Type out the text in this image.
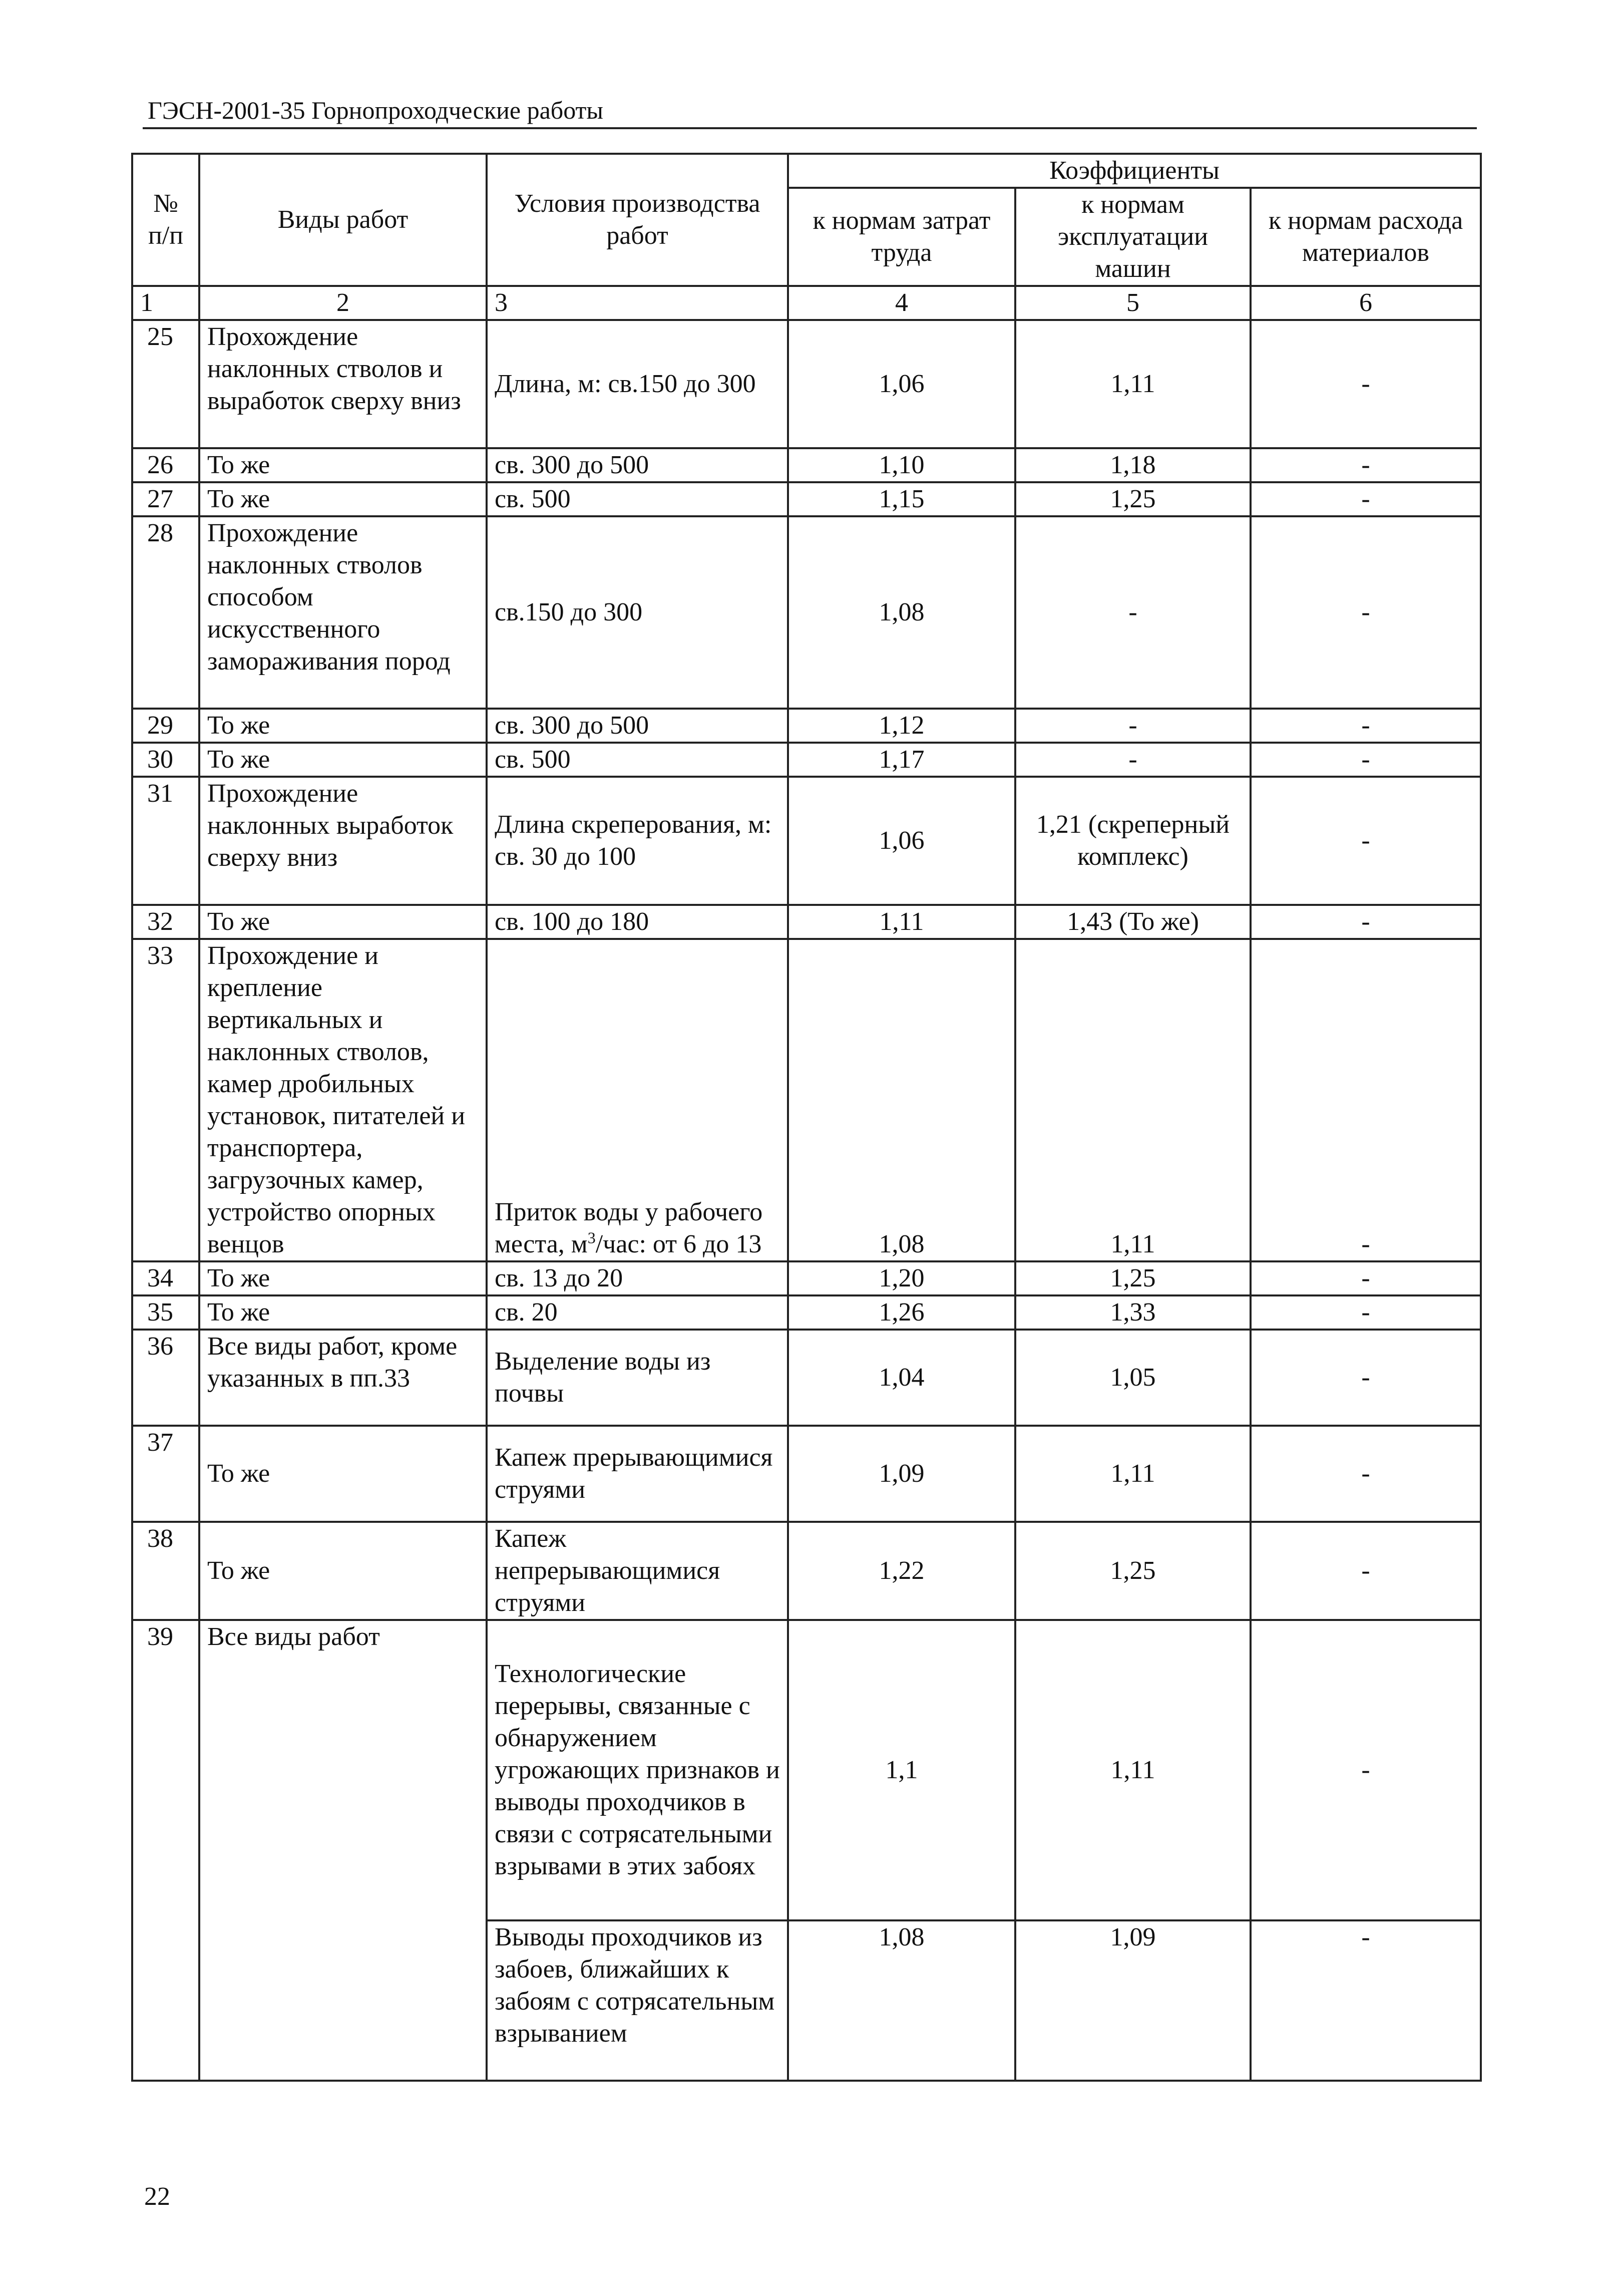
ГЭСН-2001-35 Горнопроходческие работы
№ п/п	Виды работ	Условия производства работ	Коэффициенты		
			к нормам затрат труда	к нормам эксплуатации машин	к нормам расхода материалов
1	2	3	4	5	6
25	Прохождение наклонных стволов и выработок сверху вниз	Длина, м: св.150 до 300	1,06	1,11	-
26	То же	св. 300 до 500	1,10	1,18	-
27	То же	св. 500	1,15	1,25	-
28	Прохождение наклонных стволов способом искусственного замораживания пород	св.150 до 300	1,08	-	-
29	То же	св. 300 до 500	1,12	-	-
30	То же	св. 500	1,17	-	-
31	Прохождение наклонных выработок сверху вниз	Длина скреперования, м: св. 30 до 100	1,06	1,21 (скреперный комплекс)	-
32	То же	св. 100 до 180	1,11	1,43 (То же)	-
33	Прохождение и крепление вертикальных и наклонных стволов, камер дробильных установок, питателей и транспортера, загрузочных камер, устройство опорных венцов	Приток воды у рабочего места, $м^3$/час: от 6 до 13	1,08	1,11	-
34	То же	св. 13 до 20	1,20	1,25	-
35	То же	св. 20	1,26	1,33	-
36	Все виды работ, кроме указанных в пп.33	Выделение воды из почвы	1,04	1,05	-
37	То же	Капеж прерывающимися струями	1,09	1,11	-
38	То же	Капеж непрерывающимися струями	1,22	1,25	-
39	Все виды работ	Технологические перерывы, связанные с обнаружением угрожающих признаков и выводы проходчиков в связи с сотрясательными взрывами в этих забоях	1,1	1,11	-
		Выводы проходчиков из забоев, ближайших к забоям с сотрясательным взрыванием	1,08	1,09	-
22
